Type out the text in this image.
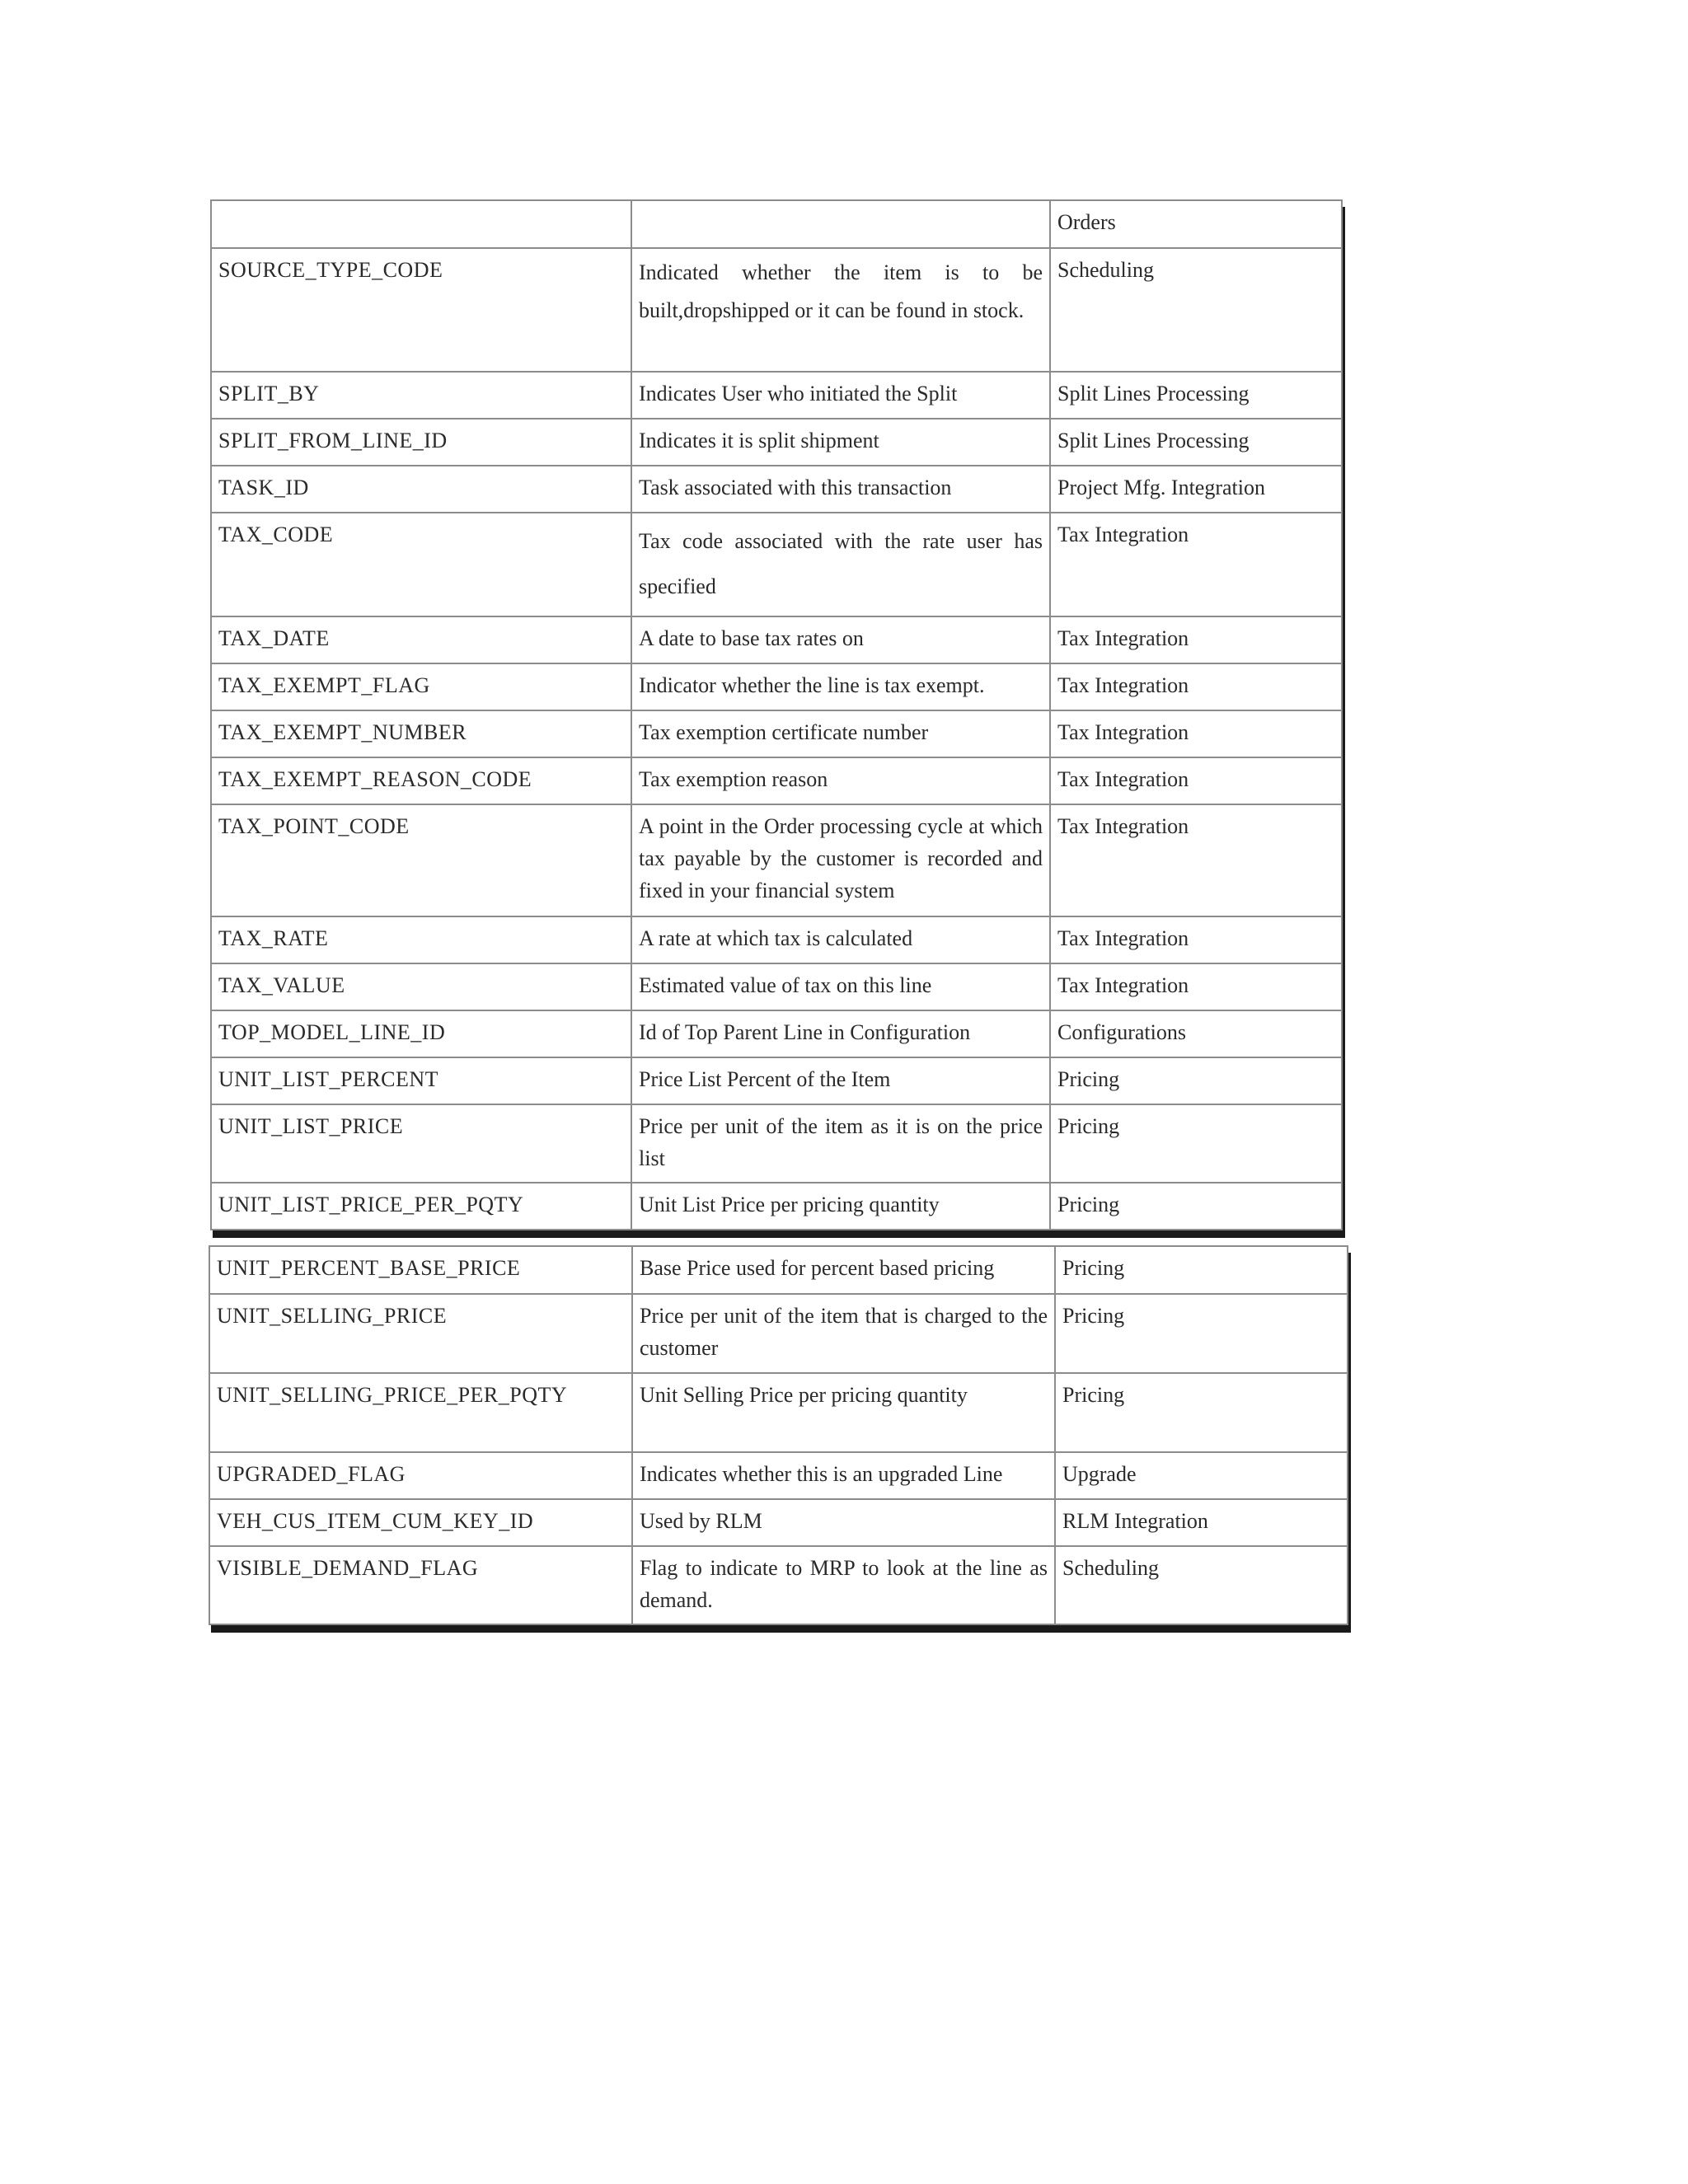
		Orders
SOURCE_TYPE_CODE	Indicated whether the item is to be built,dropshipped or it can be found in stock.	Scheduling
SPLIT_BY	Indicates User who initiated the Split	Split Lines Processing
SPLIT_FROM_LINE_ID	Indicates it is split shipment	Split Lines Processing
TASK_ID	Task associated with this transaction	Project Mfg. Integration
TAX_CODE	Tax code associated with the rate user has specified	Tax Integration
TAX_DATE	A date to base tax rates on	Tax Integration
TAX_EXEMPT_FLAG	Indicator whether the line is tax exempt.	Tax Integration
TAX_EXEMPT_NUMBER	Tax exemption certificate number	Tax Integration
TAX_EXEMPT_REASON_CODE	Tax exemption reason	Tax Integration
TAX_POINT_CODE	A point in the Order processing cycle at which tax payable by the customer is recorded and fixed in your financial system	Tax Integration
TAX_RATE	A rate at which tax is calculated	Tax Integration
TAX_VALUE	Estimated value of tax on this line	Tax Integration
TOP_MODEL_LINE_ID	Id of Top Parent Line in Configuration	Configurations
UNIT_LIST_PERCENT	Price List Percent of the Item	Pricing
UNIT_LIST_PRICE	Price per unit of the item as it is on the price list	Pricing
UNIT_LIST_PRICE_PER_PQTY	Unit List Price per pricing quantity	Pricing
UNIT_PERCENT_BASE_PRICE	Base Price used for percent based pricing	Pricing
UNIT_SELLING_PRICE	Price per unit of the item that is charged to the customer	Pricing
UNIT_SELLING_PRICE_PER_PQTY	Unit Selling Price per pricing quantity	Pricing
UPGRADED_FLAG	Indicates whether this is an upgraded Line	Upgrade
VEH_CUS_ITEM_CUM_KEY_ID	Used by RLM	RLM Integration
VISIBLE_DEMAND_FLAG	Flag to indicate to MRP to look at the line as demand.	Scheduling
